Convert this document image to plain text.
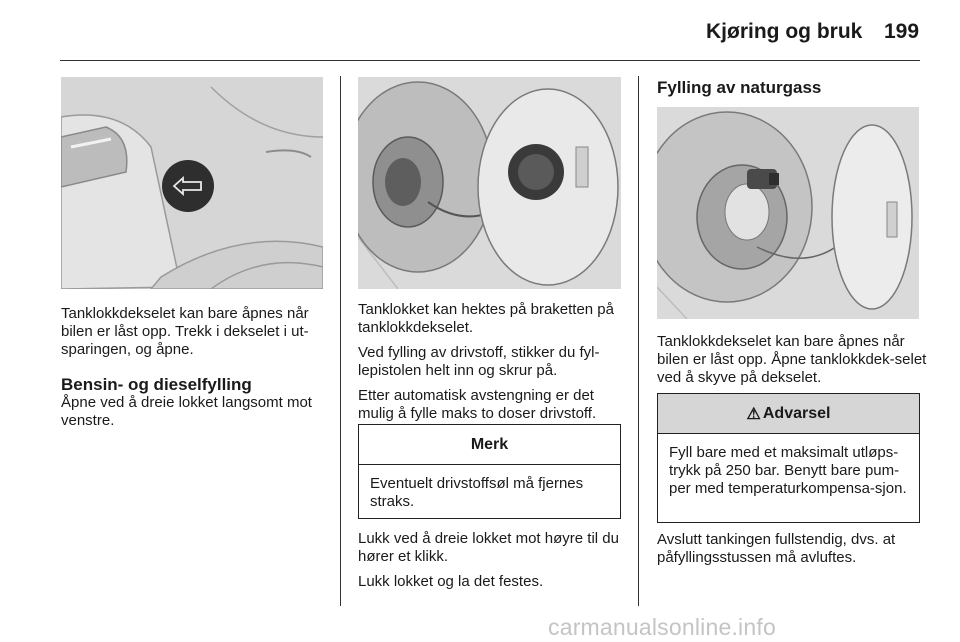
Kjøring og bruk 199
Tanklokkdekselet kan bare åpnes når bilen er låst opp. Trekk i dekselet i ut-sparingen, og åpne.
Bensin- og dieselfylling
Åpne ved å dreie lokket langsomt mot venstre.

Tanklokket kan hektes på braketten på tanklokkdekselet.

Ved fylling av drivstoff, stikker du fyl-lepistolen helt inn og skrur på.

Etter automatisk avstengning er det mulig å fylle maks to doser drivstoff.

Merk
Eventuelt drivstoffsøl må fjernes straks.

Lukk ved å dreie lokket mot høyre til du hører et klikk.

Lukk lokket og la det festes.

Fylling av naturgass
Tanklokkdekselet kan bare åpnes når bilen er låst opp. Åpne tanklokkdek-selet ved å skyve på dekselet.
⚠ Advarsel
Fyll bare med et maksimalt utløps-trykk på 250 bar. Benytt bare pum-per med temperaturkompensa-sjon.
Avslutt tankingen fullstendig, dvs. at påfyllingsstussen må avluftes.
carmanualsonline.info
